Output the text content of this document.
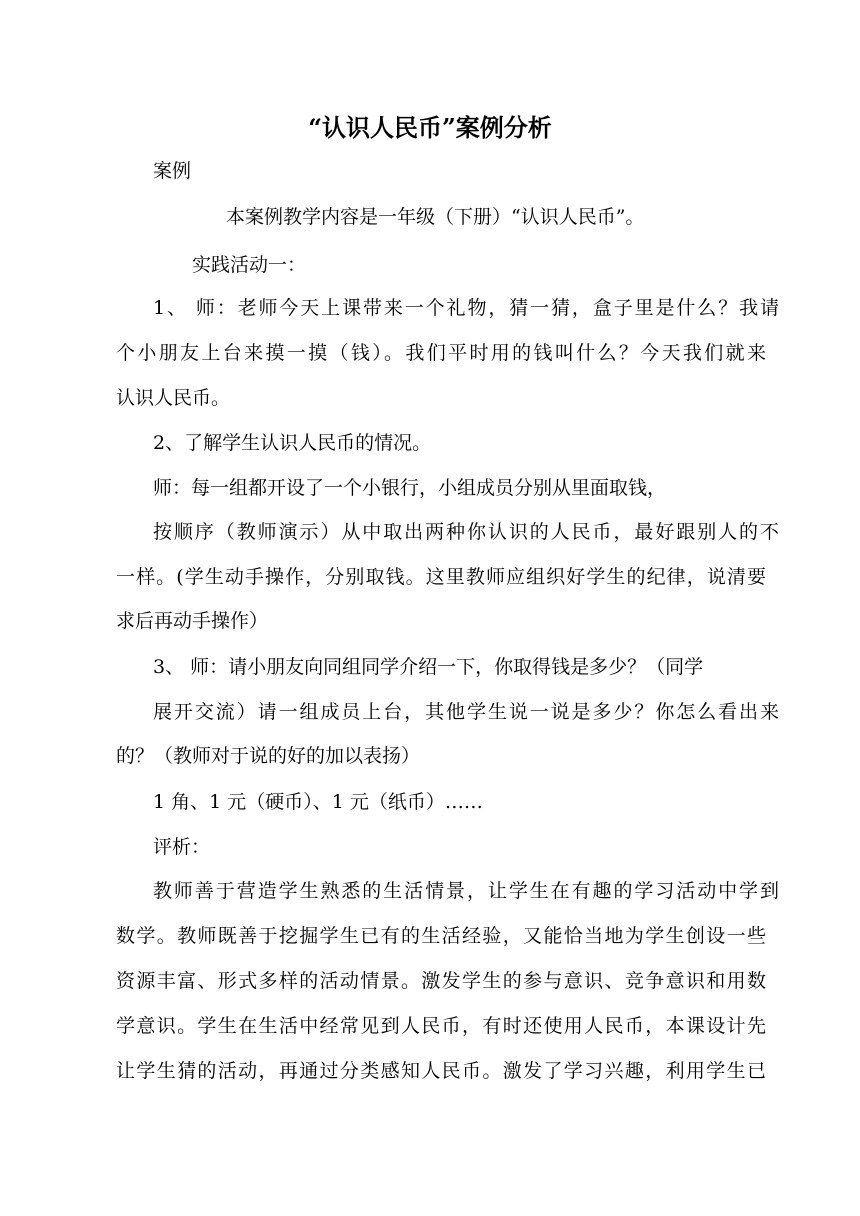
“认识人民币”案例分析
案例
本案例教学内容是一年级（下册）“认识人民币”。
实践活动一：
1、 师：老师今天上课带来一个礼物，猜一猜，盒子里是什么？我请
个小朋友上台来摸一摸（钱）。我们平时用的钱叫什么？今天我们就来
认识人民币。
2、了解学生认识人民币的情况。
师：每一组都开设了一个小银行，小组成员分别从里面取钱，
按顺序（教师演示）从中取出两种你认识的人民币，最好跟别人的不
一样。(学生动手操作，分别取钱。这里教师应组织好学生的纪律，说清要
求后再动手操作）
3、 师：请小朋友向同组同学介绍一下，你取得钱是多少？（同学
展开交流）请一组成员上台，其他学生说一说是多少？你怎么看出来
的？（教师对于说的好的加以表扬）
1 角、1 元（硬币）、1 元（纸币）……
评析：
教师善于营造学生熟悉的生活情景，让学生在有趣的学习活动中学到
数学。教师既善于挖掘学生已有的生活经验，又能恰当地为学生创设一些
资源丰富、形式多样的活动情景。激发学生的参与意识、竞争意识和用数
学意识。学生在生活中经常见到人民币，有时还使用人民币，本课设计先
让学生猜的活动，再通过分类感知人民币。激发了学习兴趣，利用学生已
